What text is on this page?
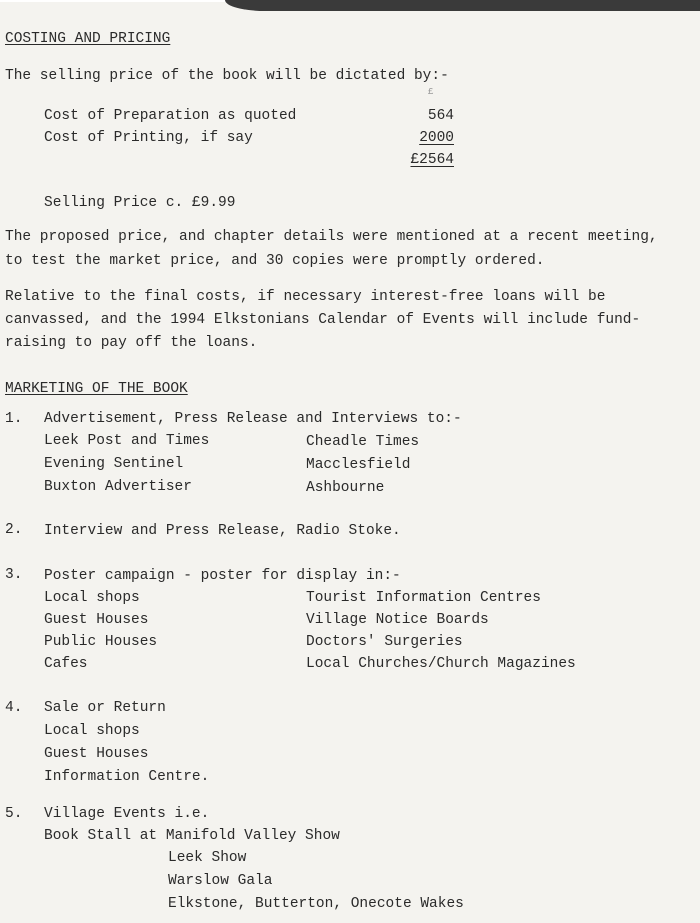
COSTING AND PRICING
The selling price of the book will be dictated by:-
£
Cost of Preparation as quoted	564
Cost of Printing, if say	2000
£2564
Selling Price c. £9.99
The proposed price, and chapter details were mentioned at a recent meeting,
to test the market price, and 30 copies were promptly ordered.
Relative to the final costs, if necessary interest-free loans will be
canvassed, and the 1994 Elkstonians Calendar of Events will include fund-
raising to pay off the loans.
MARKETING OF THE BOOK
1. Advertisement, Press Release and Interviews to:-
Leek Post and Times
Evening Sentinel
Buxton Advertiser
Cheadle Times
Macclesfield
Ashbourne
2. Interview and Press Release, Radio Stoke.
3. Poster campaign - poster for display in:-
Local shops
Guest Houses
Public Houses
Cafes
Tourist Information Centres
Village Notice Boards
Doctors' Surgeries
Local Churches/Church Magazines
4. Sale or Return
Local shops
Guest Houses
Information Centre.
5. Village Events i.e.
Book Stall at Manifold Valley Show
Leek Show
Warslow Gala
Elkstone, Butterton, Onecote Wakes
